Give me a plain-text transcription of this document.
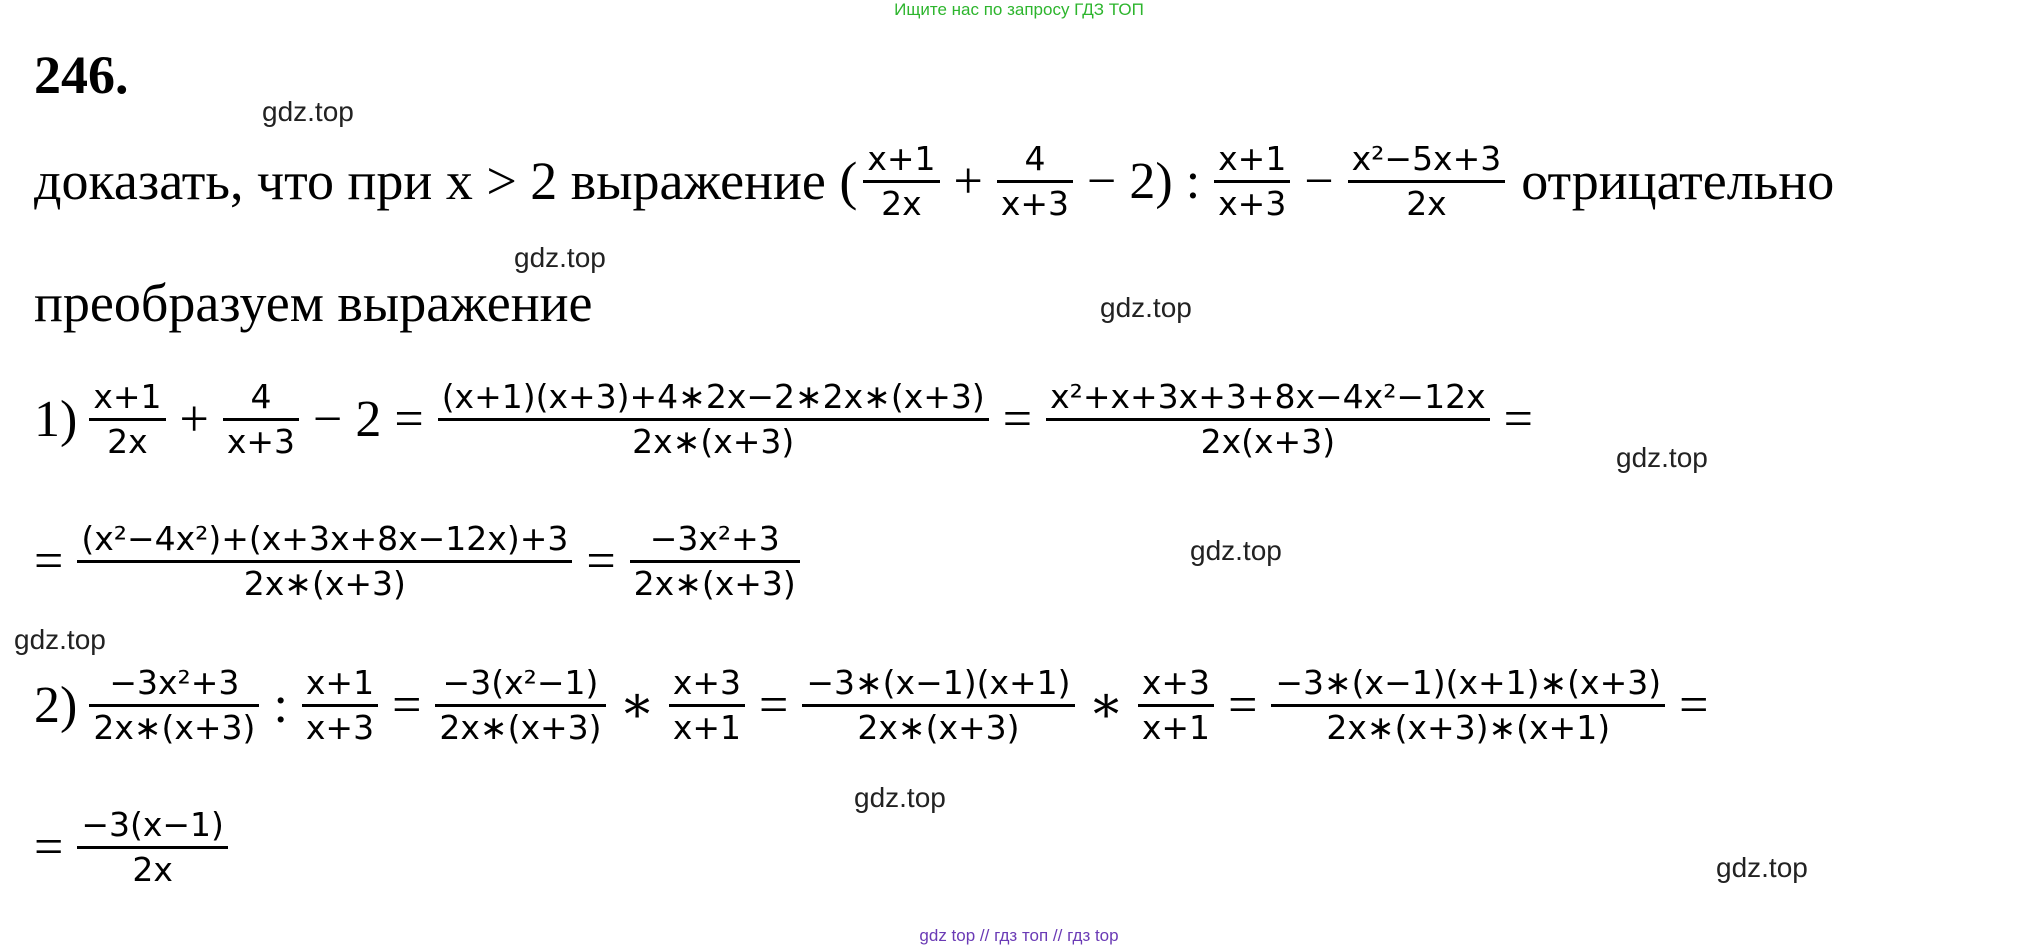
Ищите нас по запросу ГДЗ ТОП
246.
gdz.top
gdz.top
gdz.top
gdz.top
gdz.top
gdz.top
gdz.top
gdz.top
доказать, что при x > 2 выражение ( $\frac{x+1}{2x} + \frac{4}{x+3} - 2$) : $\frac{x+1}{x+3} - \frac{\text{x²−5x+3}}{2x}$ отрицательно
преобразуем выражение
$1) \frac{x+1}{2x} + \frac{4}{x+3} - 2 = \frac{(x+1)(x+3)+4∗2x-2∗2x∗(x+3)}{2x∗(x+3)} = \frac{\text{x²+x+3x+3+8x−4x²−12x}}{2x(x+3)}$ =
= $\frac{\text{(x²−4x²)+(x+3x+8x−12x)+3}}{2x∗(x+3)} = \frac{\text{−3x²+3}}{2x∗(x+3)}$
$2) \frac{\text{−3x²+3}}{2x∗(x+3)}$ : $\frac{x+1}{x+3} = \frac{\text{−3(x²−1)}}{2x∗(x+3)}$ ∗ $\frac{x+3}{x+1} = \frac{-3∗(x-1)(x+1)}{2x∗(x+3)}$ ∗ $\frac{x+3}{x+1} = \frac{-3∗(x-1)(x+1)∗(x+3)}{2x∗(x+3)∗(x+1)}$ =
= $\frac{-3(x-1)}{2x}$
gdz top // гдз топ // гдз top
